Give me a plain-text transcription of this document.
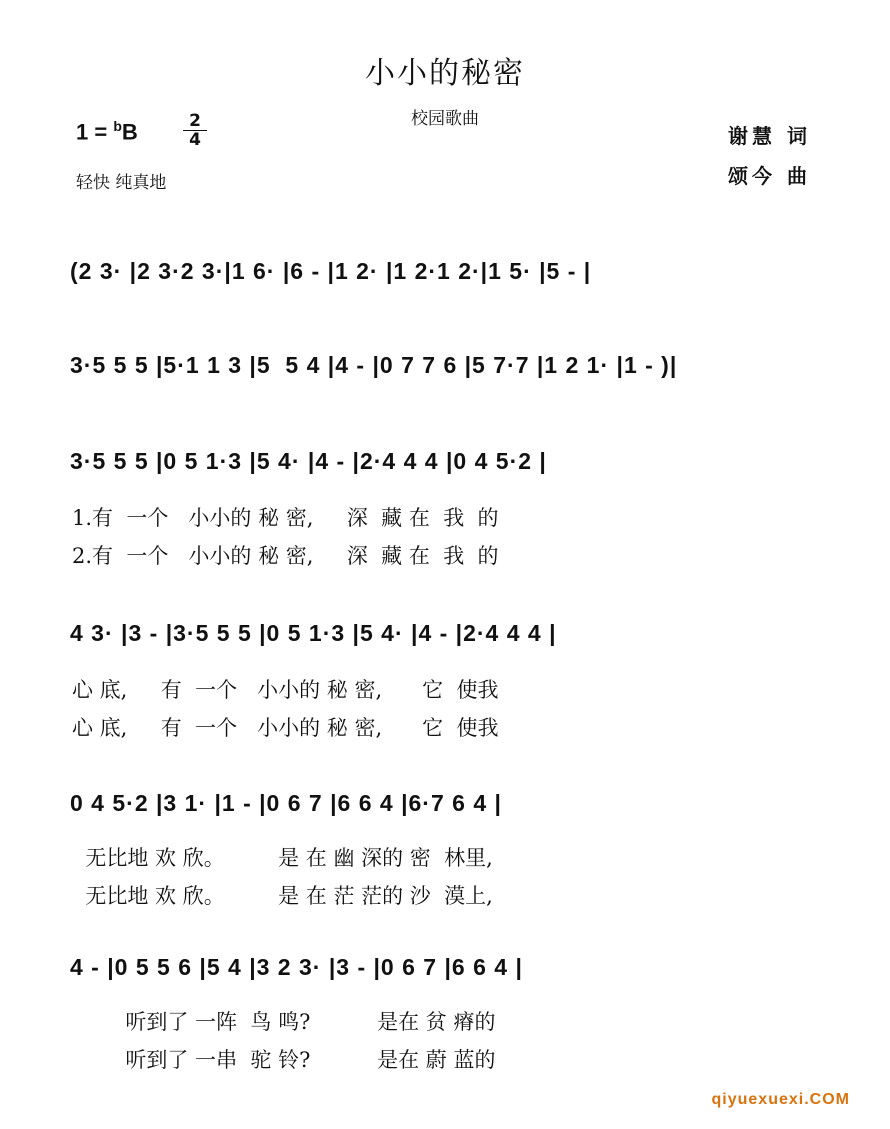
小小的秘密
校园歌曲
1 = $^b$B	2
4
轻快 纯真地
谢慧 词
颂今 曲
(2 3· |2 3·2 3·|1 6· |6 - |1 2· |1 2·1 2·|1 5· |5 - |
3·5 5 5 |5·1 1 3 |5  5 4 |4 - |0 7 7 6 |5 7·7 |1 2 1· |1 - )|
3·5 5 5 |0 5 1·3 |5 4· |4 - |2·4 4 4 |0 4 5·2 |
1.有  一个   小小的 秘 密,     深  藏 在  我  的
2.有  一个   小小的 秘 密,     深  藏 在  我  的
4 3· |3 - |3·5 5 5 |0 5 1·3 |5 4· |4 - |2·4 4 4 |
心 底,     有  一个   小小的 秘 密,      它  使我
心 底,     有  一个   小小的 秘 密,      它  使我
0 4 5·2 |3 1· |1 - |0 6 7 |6 6 4 |6·7 6 4 |
无比地 欢 欣。        是 在 幽 深的 密  林里,
无比地 欢 欣。        是 在 茫 茫的 沙  漠上,
4 - |0 5 5 6 |5 4 |3 2 3· |3 - |0 6 7 |6 6 4 |
听到了 一阵  鸟 鸣?          是在 贫 瘠的
听到了 一串  驼 铃?          是在 蔚 蓝的
qiyuexuexi.COM
